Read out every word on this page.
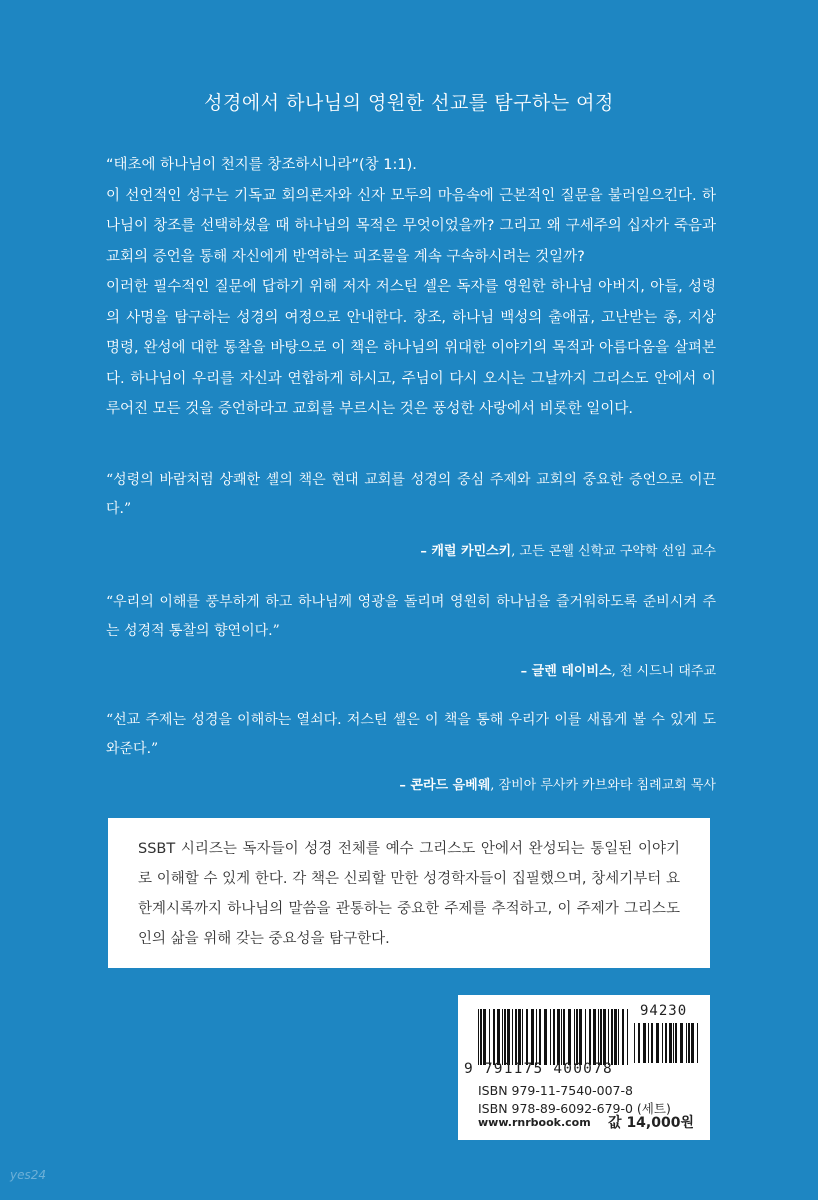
성경에서 하나님의 영원한 선교를 탐구하는 여정

“태초에 하나님이 천지를 창조하시니라”(창 1:1).

이 선언적인 성구는 기독교 회의론자와 신자 모두의 마음속에 근본적인 질문을 불러일으킨다. 하나님이 창조를 선택하셨을 때 하나님의 목적은 무엇이었을까? 그리고 왜 구세주의 십자가 죽음과 교회의 증언을 통해 자신에게 반역하는 피조물을 계속 구속하시려는 것일까?

이러한 필수적인 질문에 답하기 위해 저자 저스틴 셀은 독자를 영원한 하나님 아버지, 아들, 성령의 사명을 탐구하는 성경의 여정으로 안내한다. 창조, 하나님 백성의 출애굽, 고난받는 종, 지상 명령, 완성에 대한 통찰을 바탕으로 이 책은 하나님의 위대한 이야기의 목적과 아름다움을 살펴본다. 하나님이 우리를 자신과 연합하게 하시고, 주님이 다시 오시는 그날까지 그리스도 안에서 이루어진 모든 것을 증언하라고 교회를 부르시는 것은 풍성한 사랑에서 비롯한 일이다.

“성령의 바람처럼 상쾌한 셸의 책은 현대 교회를 성경의 중심 주제와 교회의 중요한 증언으로 이끈다.”

– 캐럴 카민스키, 고든 콘웰 신학교 구약학 선임 교수

“우리의 이해를 풍부하게 하고 하나님께 영광을 돌리며 영원히 하나님을 즐거워하도록 준비시켜 주는 성경적 통찰의 향연이다.”

– 글렌 데이비스, 전 시드니 대주교

“선교 주제는 성경을 이해하는 열쇠다. 저스틴 셸은 이 책을 통해 우리가 이를 새롭게 볼 수 있게 도와준다.”

– 콘라드 음베웨, 잠비아 루사카 카브와타 침례교회 목사
SSBT 시리즈는 독자들이 성경 전체를 예수 그리스도 안에서 완성되는 통일된 이야기로 이해할 수 있게 한다. 각 책은 신뢰할 만한 성경학자들이 집필했으며, 창세기부터 요한계시록까지 하나님의 말씀을 관통하는 중요한 주제를 추적하고, 이 주제가 그리스도인의 삶을 위해 갖는 중요성을 탐구한다.
9 791175 400078
94230
ISBN 979-11-7540-007-8
ISBN 978-89-6092-679-0 (세트)
www.rnrbook.com 값 14,000원
yes24
